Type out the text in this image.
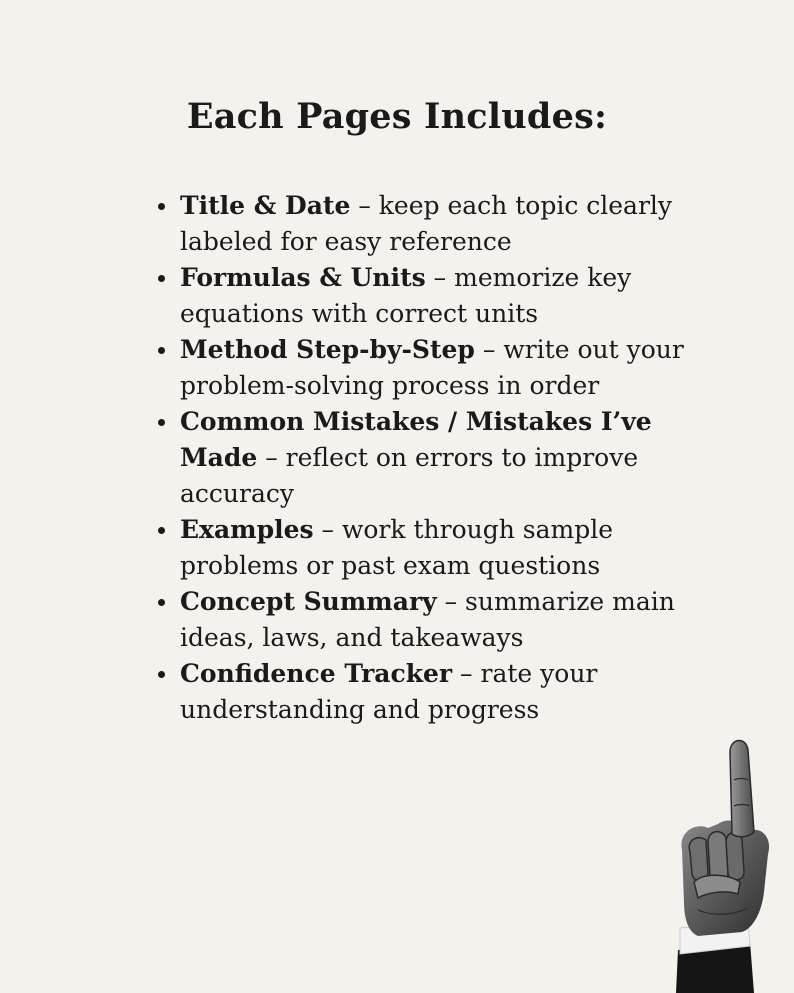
Each Pages Includes:
Title & Date – keep each topic clearly labeled for easy reference
Formulas & Units – memorize key equations with correct units
Method Step-by-Step – write out your problem-solving process in order
Common Mistakes / Mistakes I’ve Made – reflect on errors to improve accuracy
Examples – work through sample problems or past exam questions
Concept Summary – summarize main ideas, laws, and takeaways
Confidence Tracker – rate your understanding and progress
